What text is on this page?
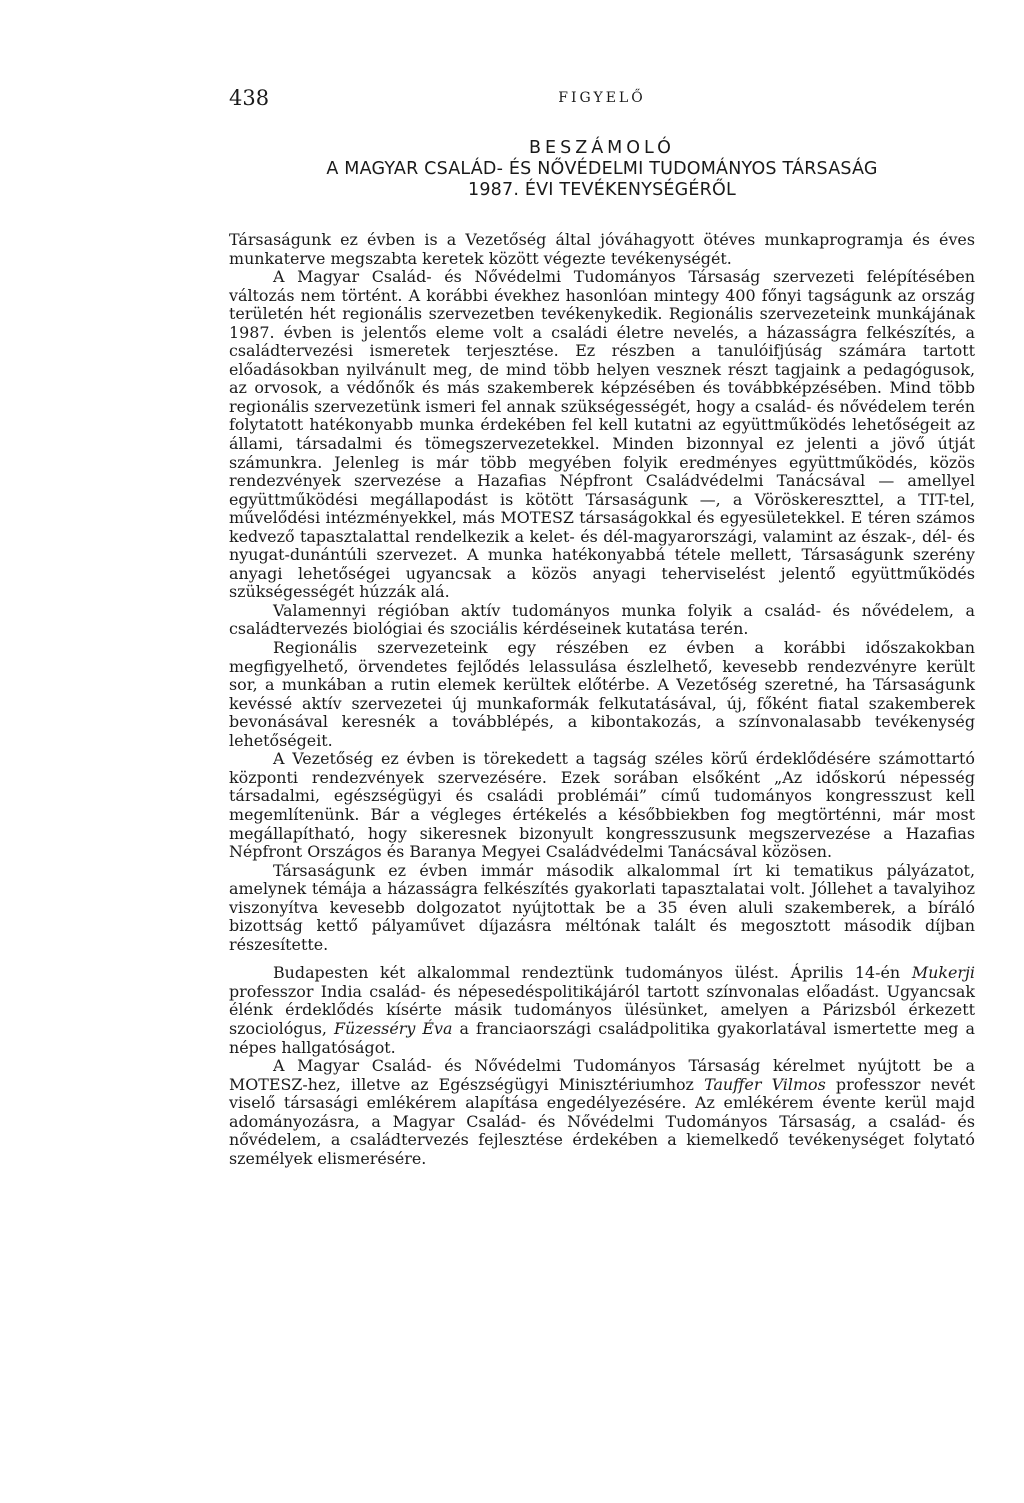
438	FIGYELŐ
BESZÁMOLÓ
A MAGYAR CSALÁD- ÉS NŐVÉDELMI TUDOMÁNYOS TÁRSASÁG
1987. ÉVI TEVÉKENYSÉGÉRŐL

Társaságunk ez évben is a Vezetőség által jóváhagyott ötéves munkaprogramja és éves munkaterve megszabta keretek között végezte tevékenységét.

A Magyar Család- és Nővédelmi Tudományos Társaság szervezeti felépítésében változás nem történt. A korábbi évekhez hasonlóan mintegy 400 főnyi tagságunk az ország területén hét regionális szervezetben tevékenykedik. Regionális szervezeteink munkájának 1987. évben is jelentős eleme volt a családi életre nevelés, a házasságra felkészítés, a családtervezési ismeretek terjesztése. Ez részben a tanulóifjúság számára tartott előadásokban nyilvánult meg, de mind több helyen vesznek részt tagjaink a pedagógusok, az orvosok, a védőnők és más szakemberek képzésében és továbbképzésében. Mind több regionális szervezetünk ismeri fel annak szükségességét, hogy a család- és nővédelem terén folytatott hatékonyabb munka érdekében fel kell kutatni az együttműködés lehetőségeit az állami, társadalmi és tömegszervezetekkel. Minden bizonnyal ez jelenti a jövő útját számunkra. Jelenleg is már több megyében folyik eredményes együttműködés, közös rendezvények szervezése a Hazafias Népfront Családvédelmi Tanácsával — amellyel együttműködési megállapodást is kötött Társaságunk —, a Vöröskereszttel, a TIT-tel, művelődési intézményekkel, más MOTESZ társaságokkal és egyesületekkel. E téren számos kedvező tapasztalattal rendelkezik a kelet- és dél-magyarországi, valamint az észak-, dél- és nyugat-dunántúli szervezet. A munka hatékonyabbá tétele mellett, Társaságunk szerény anyagi lehetőségei ugyancsak a közös anyagi teherviselést jelentő együttműködés szükségességét húzzák alá.

Valamennyi régióban aktív tudományos munka folyik a család- és nővédelem, a családtervezés biológiai és szociális kérdéseinek kutatása terén.

Regionális szervezeteink egy részében ez évben a korábbi időszakokban megfigyelhető, örvendetes fejlődés lelassulása észlelhető, kevesebb rendezvényre került sor, a munkában a rutin elemek kerültek előtérbe. A Vezetőség szeretné, ha Társaságunk kevéssé aktív szervezetei új munkaformák felkutatásával, új, főként fiatal szakemberek bevonásával keresnék a továbblépés, a kibontakozás, a színvonalasabb tevékenység lehetőségeit.

A Vezetőség ez évben is törekedett a tagság széles körű érdeklődésére számottartó központi rendezvények szervezésére. Ezek sorában elsőként „Az időskorú népesség társadalmi, egészségügyi és családi problémái” című tudományos kongresszust kell megemlítenünk. Bár a végleges értékelés a későbbiekben fog megtörténni, már most megállapítható, hogy sikeresnek bizonyult kongresszusunk megszervezése a Hazafias Népfront Országos és Baranya Megyei Családvédelmi Tanácsával közösen.

Társaságunk ez évben immár második alkalommal írt ki tematikus pályázatot, amelynek témája a házasságra felkészítés gyakorlati tapasztalatai volt. Jóllehet a tavalyihoz viszonyítva kevesebb dolgozatot nyújtottak be a 35 éven aluli szakemberek, a bíráló bizottság kettő pályaművet díjazásra méltónak talált és megosztott második díjban részesítette.

Budapesten két alkalommal rendeztünk tudományos ülést. Április 14-én Mukerji professzor India család- és népesedéspolitikájáról tartott színvonalas előadást. Ugyancsak élénk érdeklődés kísérte másik tudományos ülésünket, amelyen a Párizsból érkezett szociológus, Füzesséry Éva a franciaországi családpolitika gyakorlatával ismertette meg a népes hallgatóságot.

A Magyar Család- és Nővédelmi Tudományos Társaság kérelmet nyújtott be a MOTESZ-hez, illetve az Egészségügyi Minisztériumhoz Tauffer Vilmos professzor nevét viselő társasági emlékérem alapítása engedélyezésére. Az emlékérem évente kerül majd adományozásra, a Magyar Család- és Nővédelmi Tudományos Társaság, a család- és nővédelem, a családtervezés fejlesztése érdekében a kiemelkedő tevékenységet folytató személyek elismerésére.
